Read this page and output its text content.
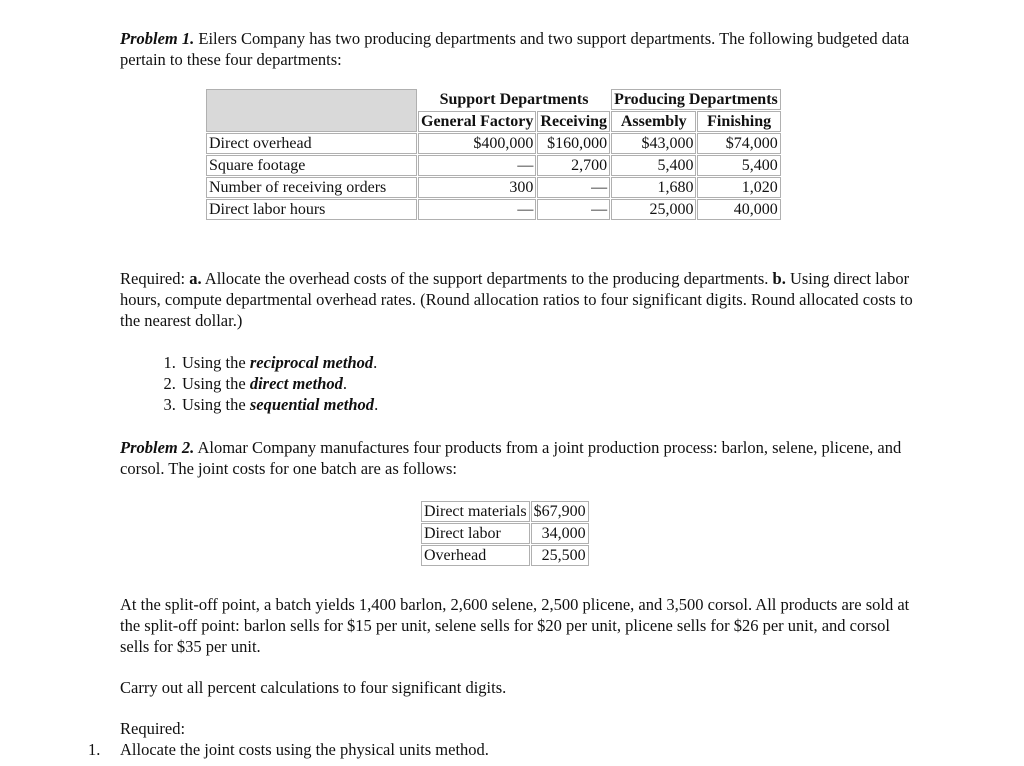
Problem 1. Eilers Company has two producing departments and two support departments. The following budgeted data pertain to these four departments:

	Support Departments		Producing Departments	
	General Factory	Receiving	Assembly	Finishing
Direct overhead	$400,000	$160,000	$43,000	$74,000
Square footage	—	2,700	5,400	5,400
Number of receiving orders	300	—	1,680	1,020
Direct labor hours	—	—	25,000	40,000

Required: a. Allocate the overhead costs of the support departments to the producing departments. b. Using direct labor hours, compute departmental overhead rates. (Round allocation ratios to four significant digits. Round allocated costs to the nearest dollar.)

1. Using the reciprocal method.
2. Using the direct method.
3. Using the sequential method.

Problem 2. Alomar Company manufactures four products from a joint production process: barlon, selene, plicene, and corsol. The joint costs for one batch are as follows:

Direct materials	$67,900
Direct labor	34,000
Overhead	25,500

At the split-off point, a batch yields 1,400 barlon, 2,600 selene, 2,500 plicene, and 3,500 corsol. All products are sold at the split-off point: barlon sells for $15 per unit, selene sells for $20 per unit, plicene sells for $26 per unit, and corsol sells for $35 per unit.

Carry out all percent calculations to four significant digits.

Required:

1. Allocate the joint costs using the physical units method.
